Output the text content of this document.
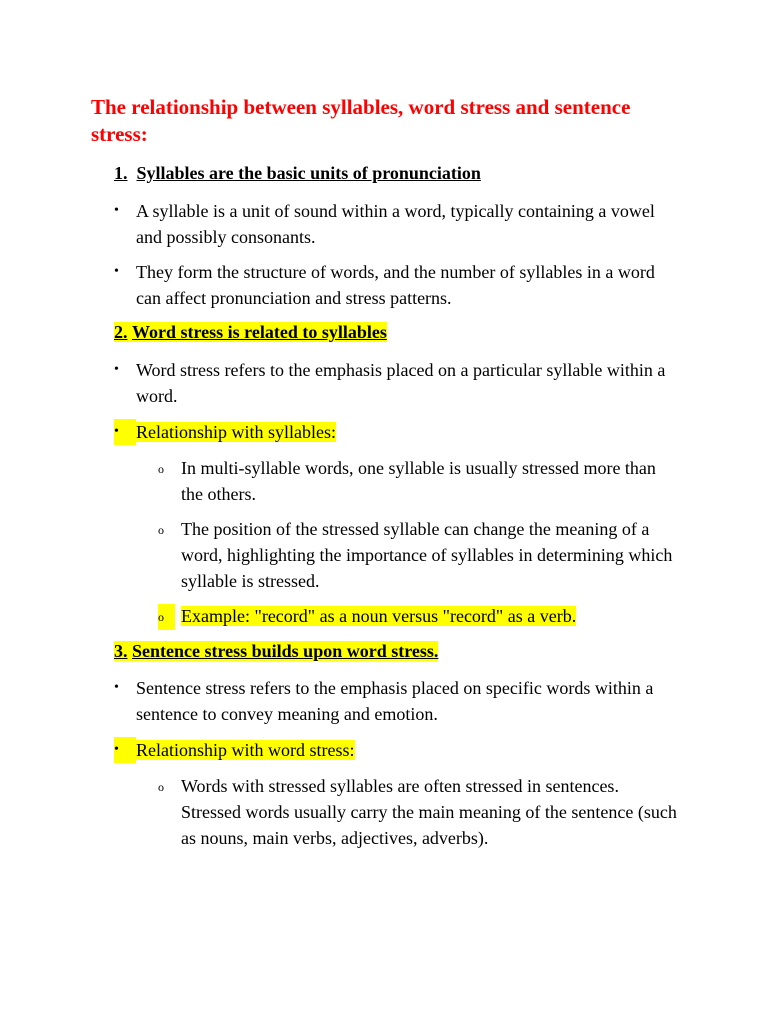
The relationship between syllables, word stress and sentence stress:
1. Syllables are the basic units of pronunciation
• A syllable is a unit of sound within a word, typically containing a vowel and possibly consonants.
• They form the structure of words, and the number of syllables in a word can affect pronunciation and stress patterns.
2. Word stress is related to syllables
• Word stress refers to the emphasis placed on a particular syllable within a word.
• Relationship with syllables:
o In multi-syllable words, one syllable is usually stressed more than the others.
o The position of the stressed syllable can change the meaning of a word, highlighting the importance of syllables in determining which syllable is stressed.
o Example: "record" as a noun versus "record" as a verb.
3. Sentence stress builds upon word stress.
• Sentence stress refers to the emphasis placed on specific words within a sentence to convey meaning and emotion.
• Relationship with word stress:
o Words with stressed syllables are often stressed in sentences. Stressed words usually carry the main meaning of the sentence (such as nouns, main verbs, adjectives, adverbs).
